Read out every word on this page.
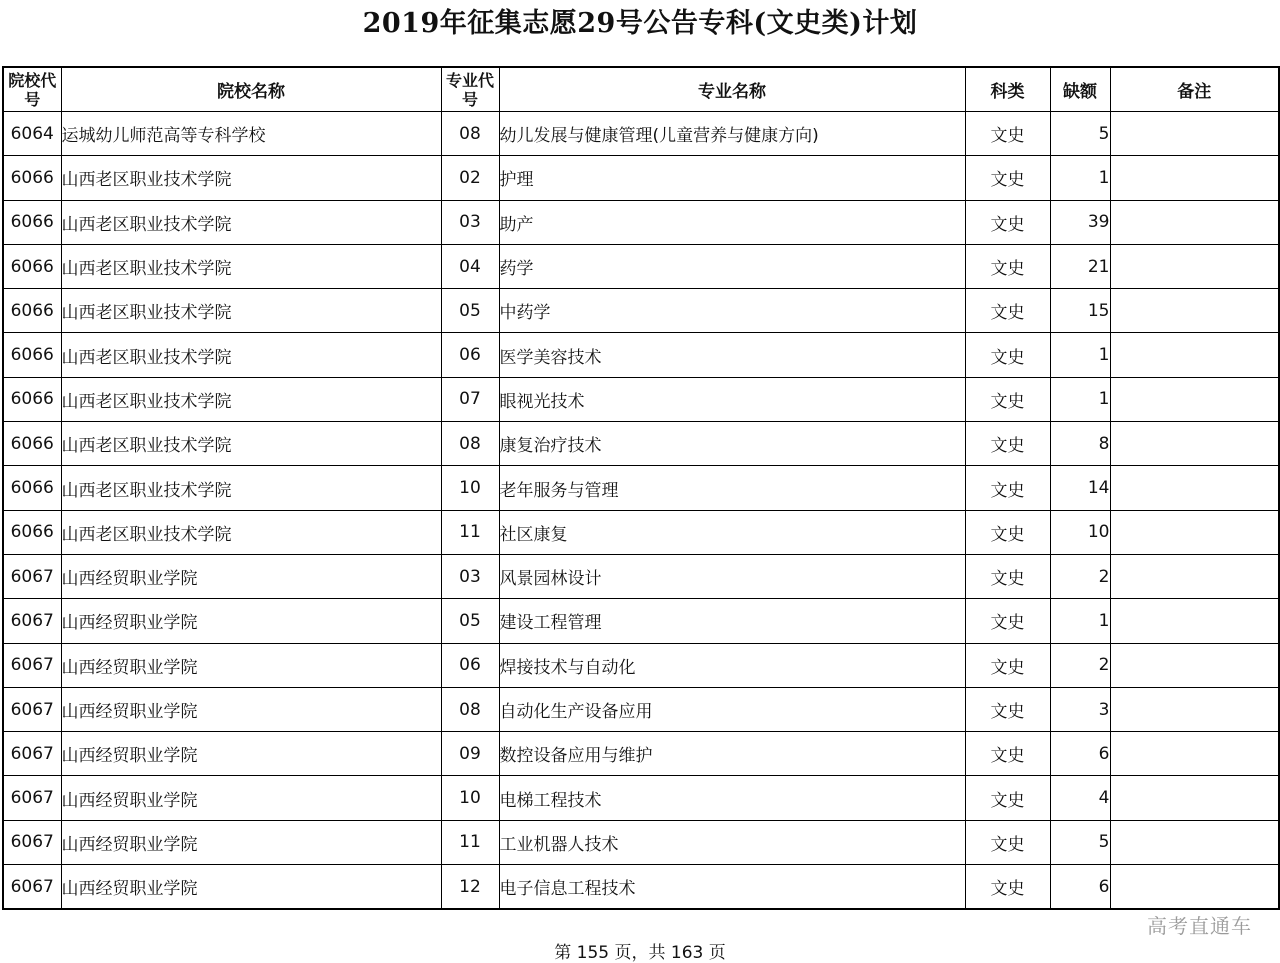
2019年征集志愿29号公告专科(文史类)计划
院校代号	院校名称	专业代号	专业名称	科类	缺额	备注
6064	运城幼儿师范高等专科学校	08	幼儿发展与健康管理(儿童营养与健康方向)	文史	5	
6066	山西老区职业技术学院	02	护理	文史	1	
6066	山西老区职业技术学院	03	助产	文史	39	
6066	山西老区职业技术学院	04	药学	文史	21	
6066	山西老区职业技术学院	05	中药学	文史	15	
6066	山西老区职业技术学院	06	医学美容技术	文史	1	
6066	山西老区职业技术学院	07	眼视光技术	文史	1	
6066	山西老区职业技术学院	08	康复治疗技术	文史	8	
6066	山西老区职业技术学院	10	老年服务与管理	文史	14	
6066	山西老区职业技术学院	11	社区康复	文史	10	
6067	山西经贸职业学院	03	风景园林设计	文史	2	
6067	山西经贸职业学院	05	建设工程管理	文史	1	
6067	山西经贸职业学院	06	焊接技术与自动化	文史	2	
6067	山西经贸职业学院	08	自动化生产设备应用	文史	3	
6067	山西经贸职业学院	09	数控设备应用与维护	文史	6	
6067	山西经贸职业学院	10	电梯工程技术	文史	4	
6067	山西经贸职业学院	11	工业机器人技术	文史	5	
6067	山西经贸职业学院	12	电子信息工程技术	文史	6	
高考直通车
第 155 页，共 163 页
